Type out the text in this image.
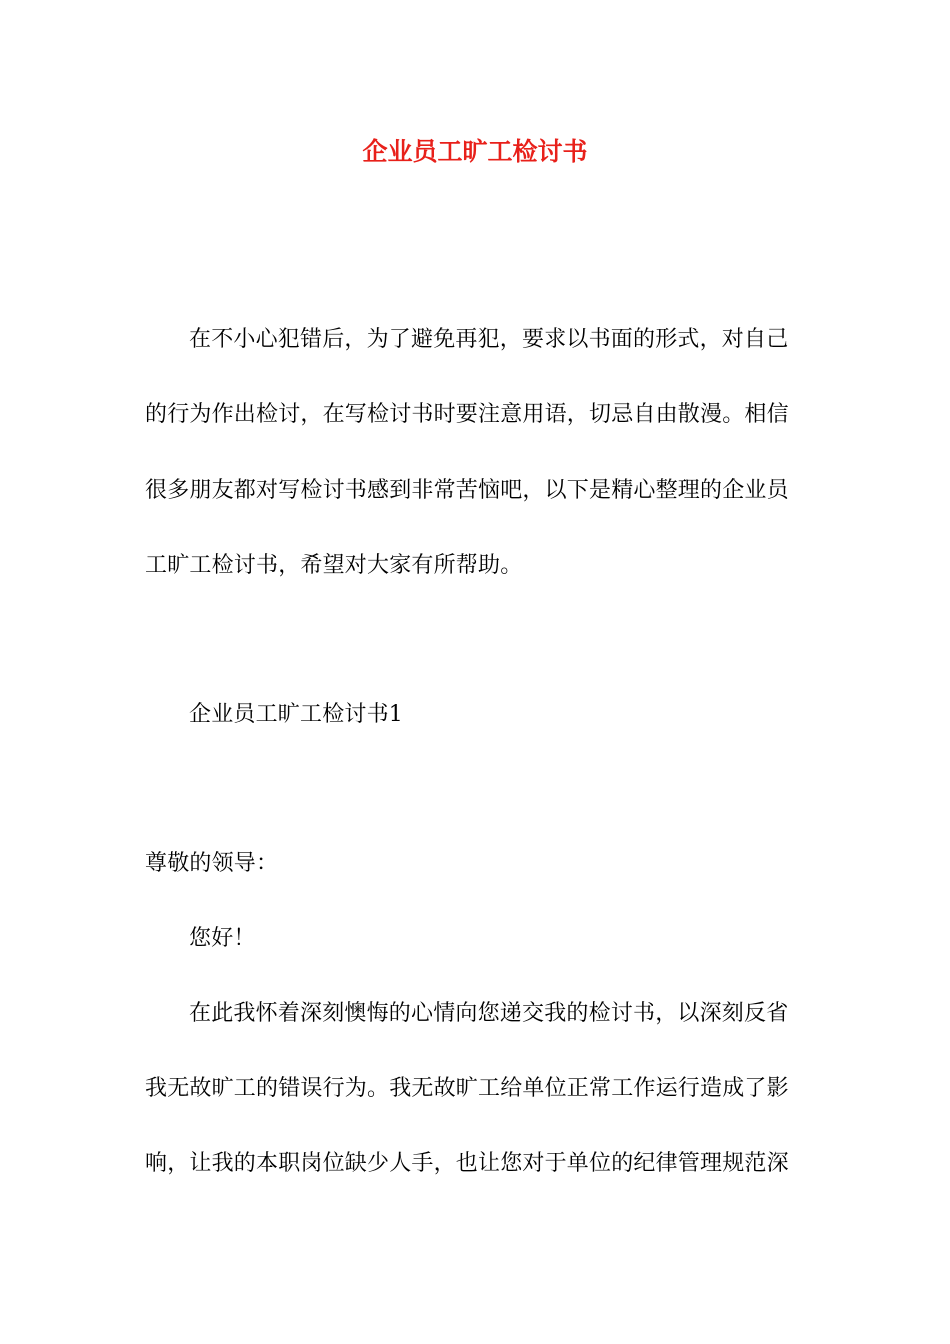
企业员工旷工检讨书
在不小心犯错后，为了避免再犯，要求以书面的形式，对自己
的行为作出检讨，在写检讨书时要注意用语，切忌自由散漫。相信
很多朋友都对写检讨书感到非常苦恼吧，以下是精心整理的企业员
工旷工检讨书，希望对大家有所帮助。
企业员工旷工检讨书1
尊敬的领导：
您好！
在此我怀着深刻懊悔的心情向您递交我的检讨书，以深刻反省
我无故旷工的错误行为。我无故旷工给单位正常工作运行造成了影
响，让我的本职岗位缺少人手，也让您对于单位的纪律管理规范深
